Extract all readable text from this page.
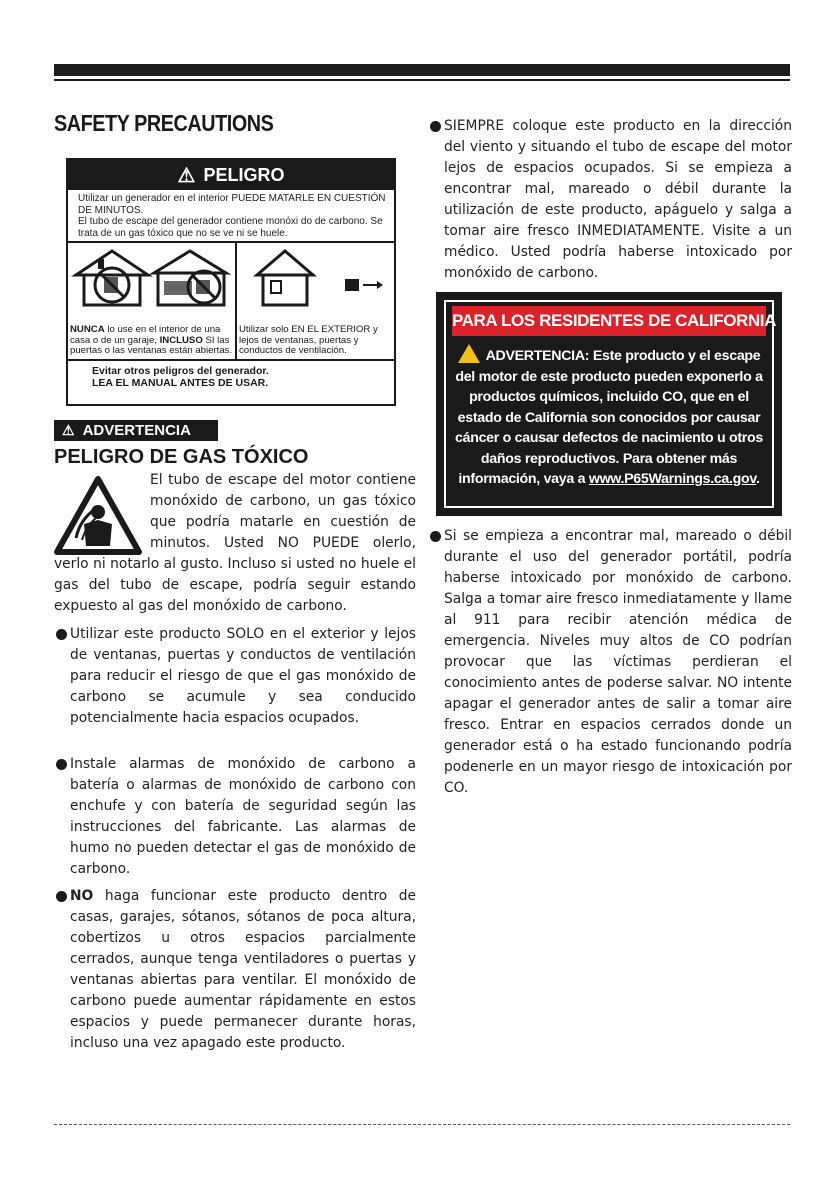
SAFETY PRECAUTIONS
⚠ PELIGRO

Utilizar un generador en el interior PUEDE MATARLE EN CUESTIÓN DE MINUTOS.

El tubo de escape del generador contiene monóxi do de carbono. Se trata de un gas tóxico que no se ve ni se huele.

NUNCA lo use en el interior de una casa o de un garaje, INCLUSO SI las puertas o las ventanas están abiertas.
Utilizar solo EN EL EXTERIOR y lejos de ventanas, puertas y conductos de ventilación.
Evitar otros peligros del generador.
LEA EL MANUAL ANTES DE USAR.
⚠ ADVERTENCIA
PELIGRO DE GAS TÓXICO
El tubo de escape del motor contiene monóxido de carbono, un gas tóxico que podría matarle en cuestión de minutos. Usted NO PUEDE olerlo, verlo ni notarlo al gusto. Incluso si usted no huele el gas del tubo de escape, podría seguir estando expuesto al gas del monóxido de carbono.
Utilizar este producto SOLO en el exterior y lejos de ventanas, puertas y conductos de ventilación para reducir el riesgo de que el gas monóxido de carbono se acumule y sea conducido potencialmente hacia espacios ocupados.
Instale alarmas de monóxido de carbono a batería o alarmas de monóxido de carbono con enchufe y con batería de seguridad según las instrucciones del fabricante. Las alarmas de humo no pueden detectar el gas de monóxido de carbono.
NO haga funcionar este producto dentro de casas, garajes, sótanos, sótanos de poca altura, cobertizos u otros espacios parcialmente cerrados, aunque tenga ventiladores o puertas y ventanas abiertas para ventilar. El monóxido de carbono puede aumentar rápidamente en estos espacios y puede permanecer durante horas, incluso una vez apagado este producto.
SIEMPRE coloque este producto en la dirección del viento y situando el tubo de escape del motor lejos de espacios ocupados. Si se empieza a encontrar mal, mareado o débil durante la utilización de este producto, apáguelo y salga a tomar aire fresco INMEDIATAMENTE. Visite a un médico. Usted podría haberse intoxicado por monóxido de carbono.
PARA LOS RESIDENTES DE CALIFORNIA
ADVERTENCIA: Este producto y el escape del motor de este producto pueden exponerlo a productos químicos, incluido CO, que en el estado de California son conocidos por causar cáncer o causar defectos de nacimiento u otros daños reproductivos. Para obtener más información, vaya a www.P65Warnings.ca.gov.
Si se empieza a encontrar mal, mareado o débil durante el uso del generador portátil, podría haberse intoxicado por monóxido de carbono. Salga a tomar aire fresco inmediatamente y llame al 911 para recibir atención médica de emergencia. Niveles muy altos de CO podrían provocar que las víctimas perdieran el conocimiento antes de poderse salvar. NO intente apagar el generador antes de salir a tomar aire fresco. Entrar en espacios cerrados donde un generador está o ha estado funcionando podría podenerle en un mayor riesgo de intoxicación por CO.
